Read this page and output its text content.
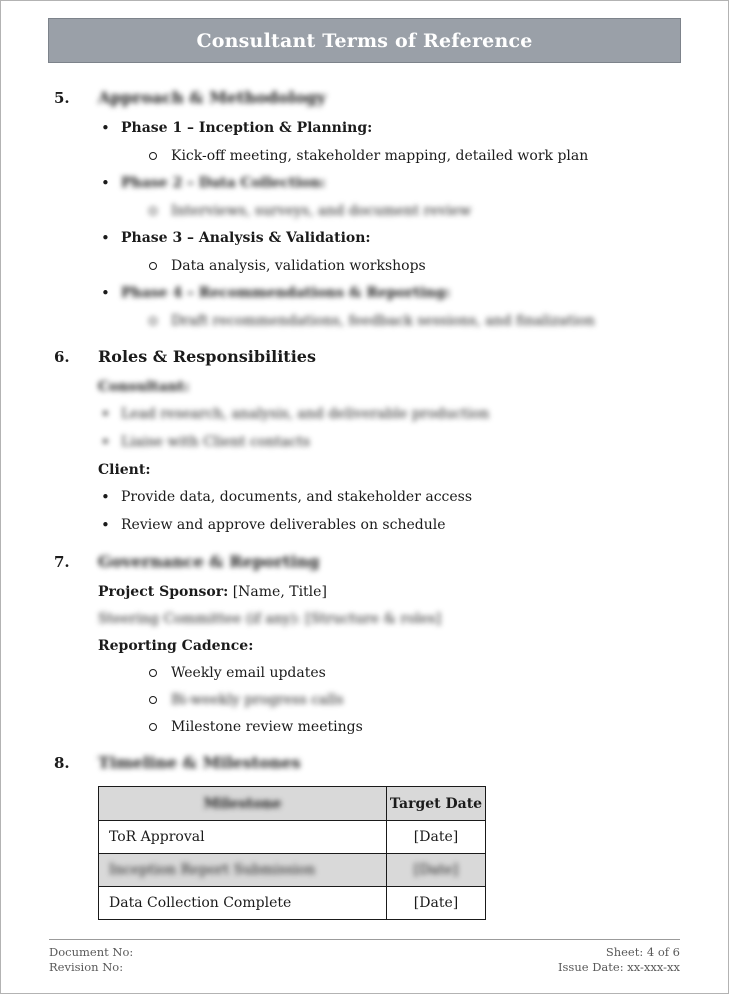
Consultant Terms of Reference
5.	Approach & Methodology
•
Phase 1 – Inception & Planning:
Kick-off meeting, stakeholder mapping, detailed work plan
•
Phase 2 – Data Collection:
Interviews, surveys, and document review
•
Phase 3 – Analysis & Validation:
Data analysis, validation workshops
•
Phase 4 – Recommendations & Reporting:
Draft recommendations, feedback sessions, and finalization
6.	Roles & Responsibilities
Consultant:
•
Lead research, analysis, and deliverable production
•
Liaise with Client contacts
Client:
•
Provide data, documents, and stakeholder access
•
Review and approve deliverables on schedule
7.	Governance & Reporting
Project Sponsor: [Name, Title]
Steering Committee (if any): [Structure & roles]
Reporting Cadence:
Weekly email updates
Bi-weekly progress calls
Milestone review meetings
8.	Timeline & Milestones
Milestone	Target Date
ToR Approval	[Date]
Inception Report Submission	[Date]
Data Collection Complete	[Date]
Document No:
Revision No:
Sheet: 4 of 6
Issue Date: xx-xxx-xx
